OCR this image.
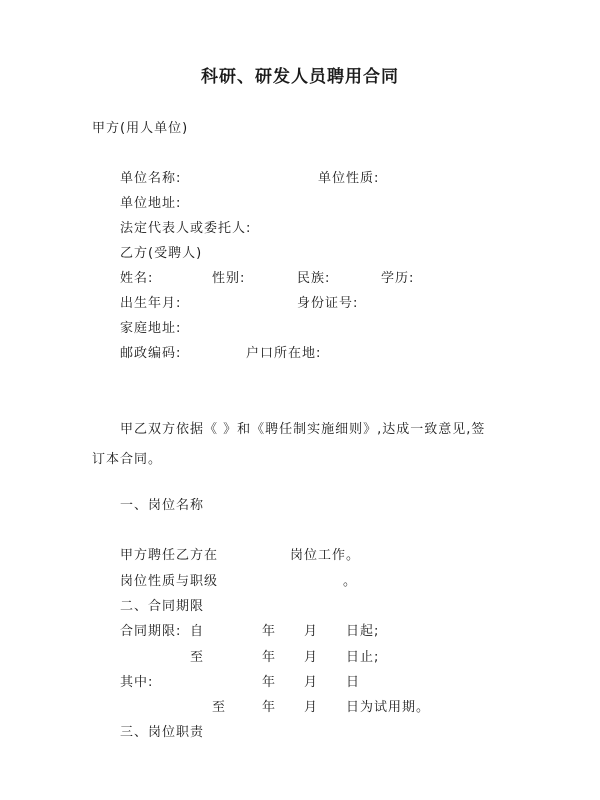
科研、研发人员聘用合同
甲方(用人单位)
单位名称:	单位性质:
单位地址:
法定代表人或委托人:
乙方(受聘人)
姓名:	性别:	民族:	学历:
出生年月:	身份证号:
家庭地址:
邮政编码:	户口所在地:
甲乙双方依据《 》和《聘任制实施细则》,达成一致意见,签
订本合同。
一、岗位名称
甲方聘任乙方在	岗位工作。
岗位性质与职级	。
二、合同期限
合同期限: 自	年 月 日起;
至	年 月 日止;
其中:	年 月 日
至	年 月 日为试用期。
三、岗位职责
